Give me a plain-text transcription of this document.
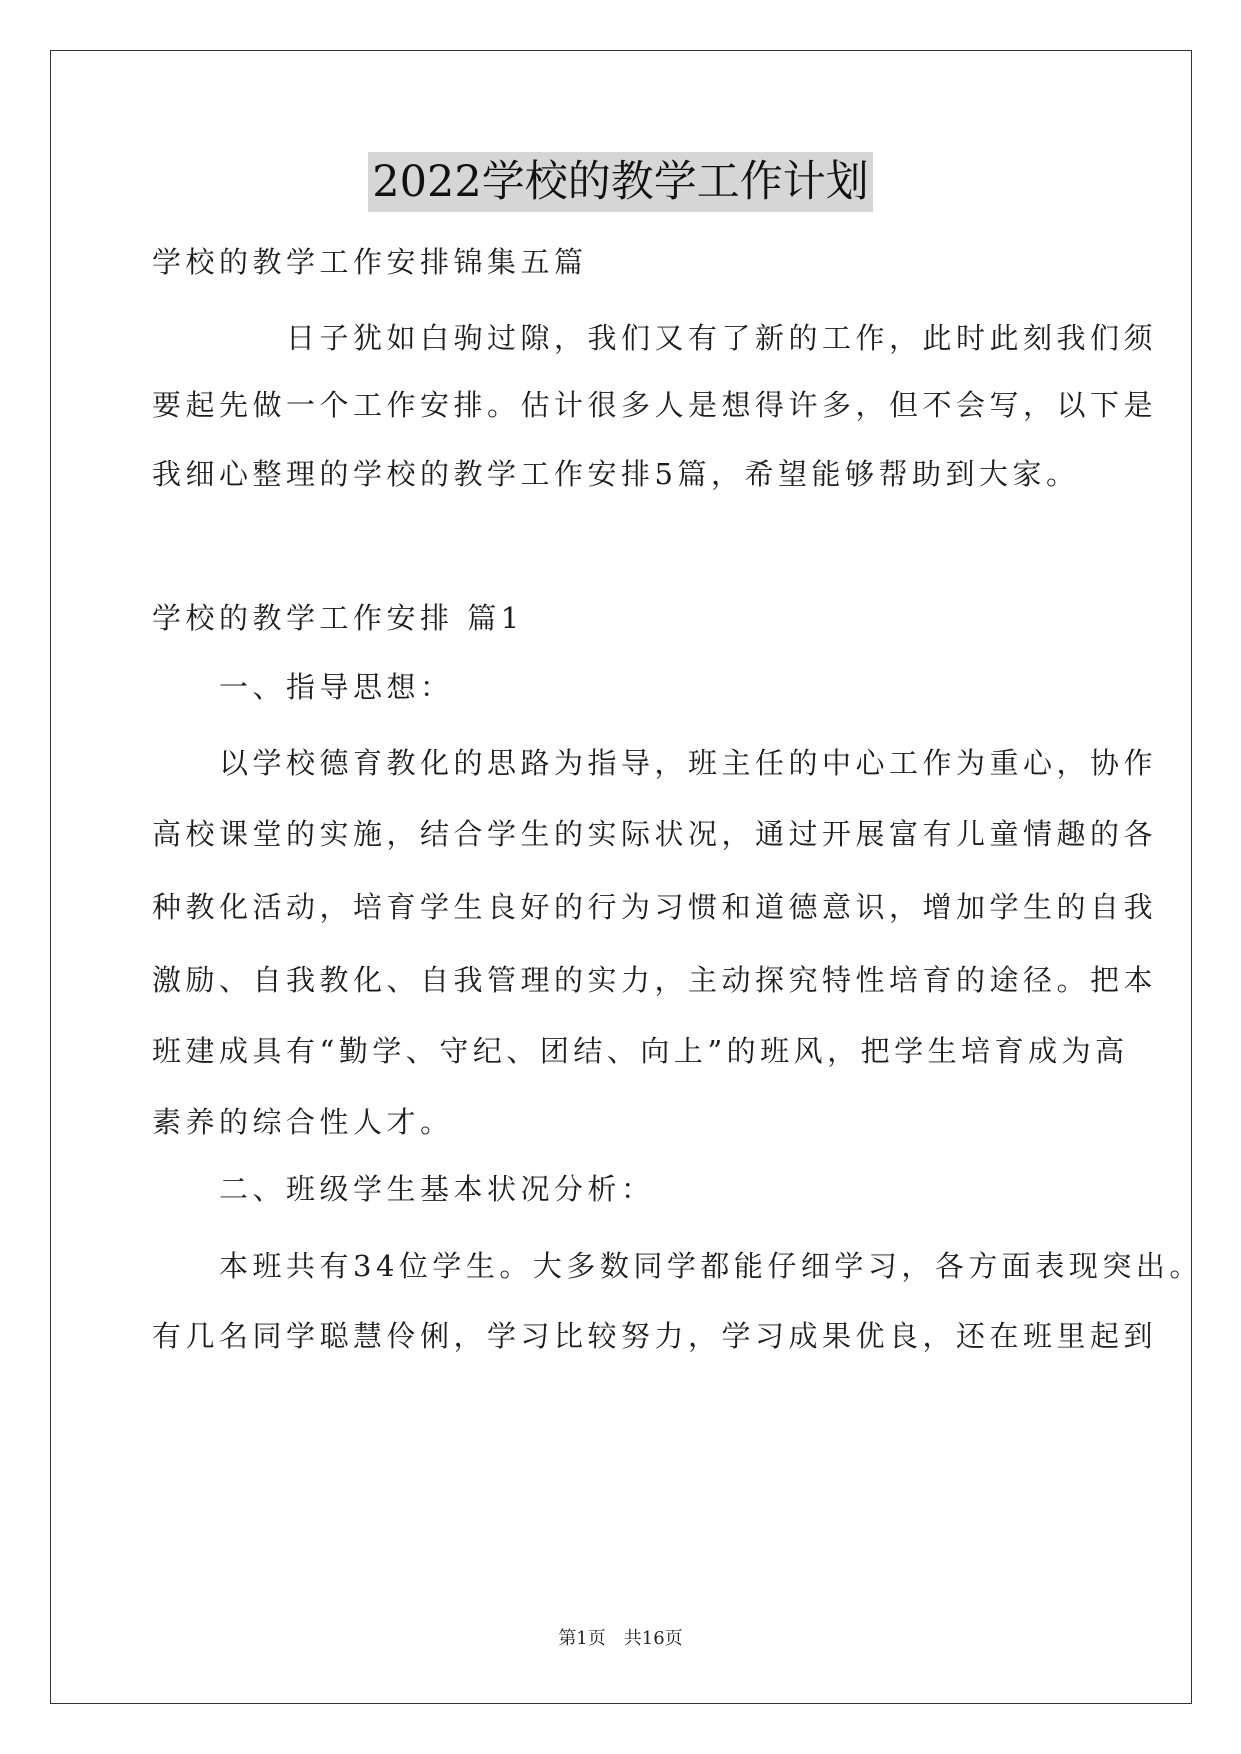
2022学校的教学工作计划
学校的教学工作安排锦集五篇
　　　　日子犹如白驹过隙，我们又有了新的工作，此时此刻我们须
要起先做一个工作安排。估计很多人是想得许多，但不会写，以下是
我细心整理的学校的教学工作安排5篇，希望能够帮助到大家。
学校的教学工作安排 篇1
　　一、指导思想：
　　以学校德育教化的思路为指导，班主任的中心工作为重心，协作
高校课堂的实施，结合学生的实际状况，通过开展富有儿童情趣的各
种教化活动，培育学生良好的行为习惯和道德意识，增加学生的自我
激励、自我教化、自我管理的实力，主动探究特性培育的途径。把本
班建成具有“勤学、守纪、团结、向上”的班风，把学生培育成为高
素养的综合性人才。
　　二、班级学生基本状况分析：
　　本班共有34位学生。大多数同学都能仔细学习，各方面表现突出。
有几名同学聪慧伶俐，学习比较努力，学习成果优良，还在班里起到
第1页　共16页
